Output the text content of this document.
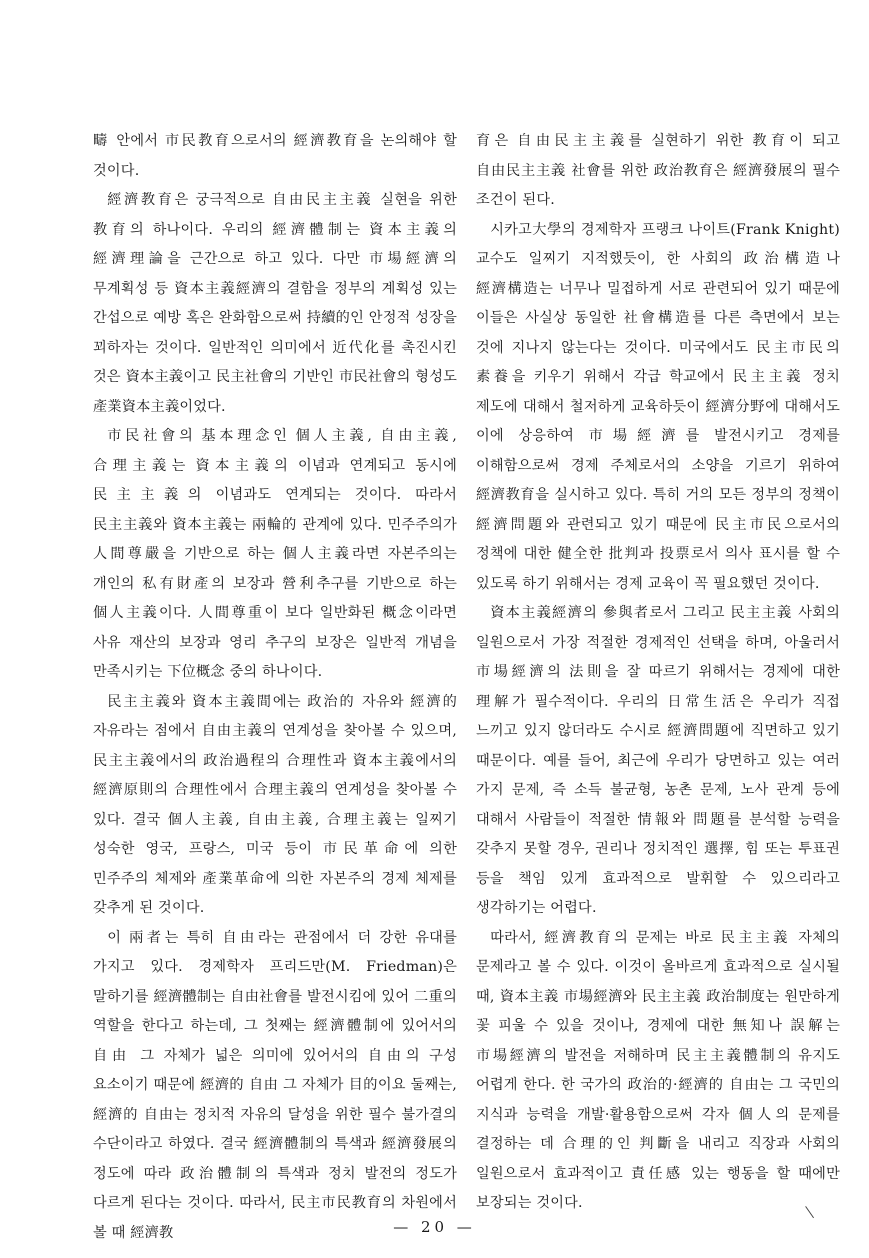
疇 안에서 市民教育으로서의 經濟教育을 논의해야 할 것이다.

經濟教育은 궁극적으로 自由民主主義 실현을 위한 教育의 하나이다. 우리의 經濟體制는 資本主義의 經濟理論을 근간으로 하고 있다. 다만 市場經濟의 무계획성 등 資本主義經濟의 결함을 정부의 계획성 있는 간섭으로 예방 혹은 완화함으로써 持續的인 안정적 성장을 꾀하자는 것이다. 일반적인 의미에서 近代化를 촉진시킨 것은 資本主義이고 民主社會의 기반인 市民社會의 형성도 產業資本主義이었다.

市民社會의 基本理念인 個人主義, 自由主義, 合理主義는 資本主義의 이념과 연계되고 동시에 民主主義의 이념과도 연계되는 것이다. 따라서 民主主義와 資本主義는 兩輪的 관계에 있다. 민주주의가 人間尊嚴을 기반으로 하는 個人主義라면 자본주의는 개인의 私有財產의 보장과 營利추구를 기반으로 하는 個人主義이다. 人間尊重이 보다 일반화된 概念이라면 사유 재산의 보장과 영리 추구의 보장은 일반적 개념을 만족시키는 下位概念 중의 하나이다.

民主主義와 資本主義間에는 政治的 자유와 經濟的 자유라는 점에서 自由主義의 연계성을 찾아볼 수 있으며, 民主主義에서의 政治過程의 合理性과 資本主義에서의 經濟原則의 合理性에서 合理主義의 연계성을 찾아볼 수 있다. 결국 個人主義, 自由主義, 合理主義는 일찌기 성숙한 영국, 프랑스, 미국 등이 市民革命에 의한 민주주의 체제와 產業革命에 의한 자본주의 경제 체제를 갖추게 된 것이다.

이 兩者는 특히 自由라는 관점에서 더 강한 유대를 가지고 있다. 경제학자 프리드만(M. Friedman)은 말하기를 經濟體制는 自由社會를 발전시킴에 있어 二重의 역할을 한다고 하는데, 그 첫째는 經濟體制에 있어서의 自由 그 자체가 넓은 의미에 있어서의 自由의 구성 요소이기 때문에 經濟的 自由 그 자체가 目的이요 둘째는, 經濟的 自由는 정치적 자유의 달성을 위한 필수 불가결의 수단이라고 하였다. 결국 經濟體制의 특색과 經濟發展의 정도에 따라 政治體制의 특색과 정치 발전의 정도가 다르게 된다는 것이다. 따라서, 民主市民教育의 차원에서 볼 때 經濟教

育은 自由民主主義를 실현하기 위한 教育이 되고 自由民主主義 社會를 위한 政治教育은 經濟發展의 필수 조건이 된다.

시카고大學의 경제학자 프랭크 나이트(Frank Knight) 교수도 일찌기 지적했듯이, 한 사회의 政治構造나 經濟構造는 너무나 밀접하게 서로 관련되어 있기 때문에 이들은 사실상 동일한 社會構造를 다른 측면에서 보는 것에 지나지 않는다는 것이다. 미국에서도 民主市民의 素養을 키우기 위해서 각급 학교에서 民主主義 정치 제도에 대해서 철저하게 교육하듯이 經濟分野에 대해서도 이에 상응하여 市場經濟를 발전시키고 경제를 이해함으로써 경제 주체로서의 소양을 기르기 위하여 經濟教育을 실시하고 있다. 특히 거의 모든 정부의 정책이 經濟問題와 관련되고 있기 때문에 民主市民으로서의 정책에 대한 健全한 批判과 投票로서 의사 표시를 할 수 있도록 하기 위해서는 경제 교육이 꼭 필요했던 것이다.

資本主義經濟의 參與者로서 그리고 民主主義 사회의 일원으로서 가장 적절한 경제적인 선택을 하며, 아울러서 市場經濟의 法則을 잘 따르기 위해서는 경제에 대한 理解가 필수적이다. 우리의 日常生活은 우리가 직접 느끼고 있지 않더라도 수시로 經濟問題에 직면하고 있기 때문이다. 예를 들어, 최근에 우리가 당면하고 있는 여러 가지 문제, 즉 소득 불균형, 농촌 문제, 노사 관계 등에 대해서 사람들이 적절한 情報와 問題를 분석할 능력을 갖추지 못할 경우, 권리나 정치적인 選擇, 힘 또는 투표권 등을 책임 있게 효과적으로 발휘할 수 있으리라고 생각하기는 어렵다.

따라서, 經濟教育의 문제는 바로 民主主義 자체의 문제라고 볼 수 있다. 이것이 올바르게 효과적으로 실시될 때, 資本主義 市場經濟와 民主主義 政治制度는 원만하게 꽃 피울 수 있을 것이나, 경제에 대한 無知나 誤解는 市場經濟의 발전을 저해하며 民主主義體制의 유지도 어렵게 한다. 한 국가의 政治的·經濟的 自由는 그 국민의 지식과 능력을 개발·활용함으로써 각자 個人의 문제를 결정하는 데 合理的인 判斷을 내리고 직장과 사회의 일원으로서 효과적이고 責任感 있는 행동을 할 때에만 보장되는 것이다.

— 20 —
